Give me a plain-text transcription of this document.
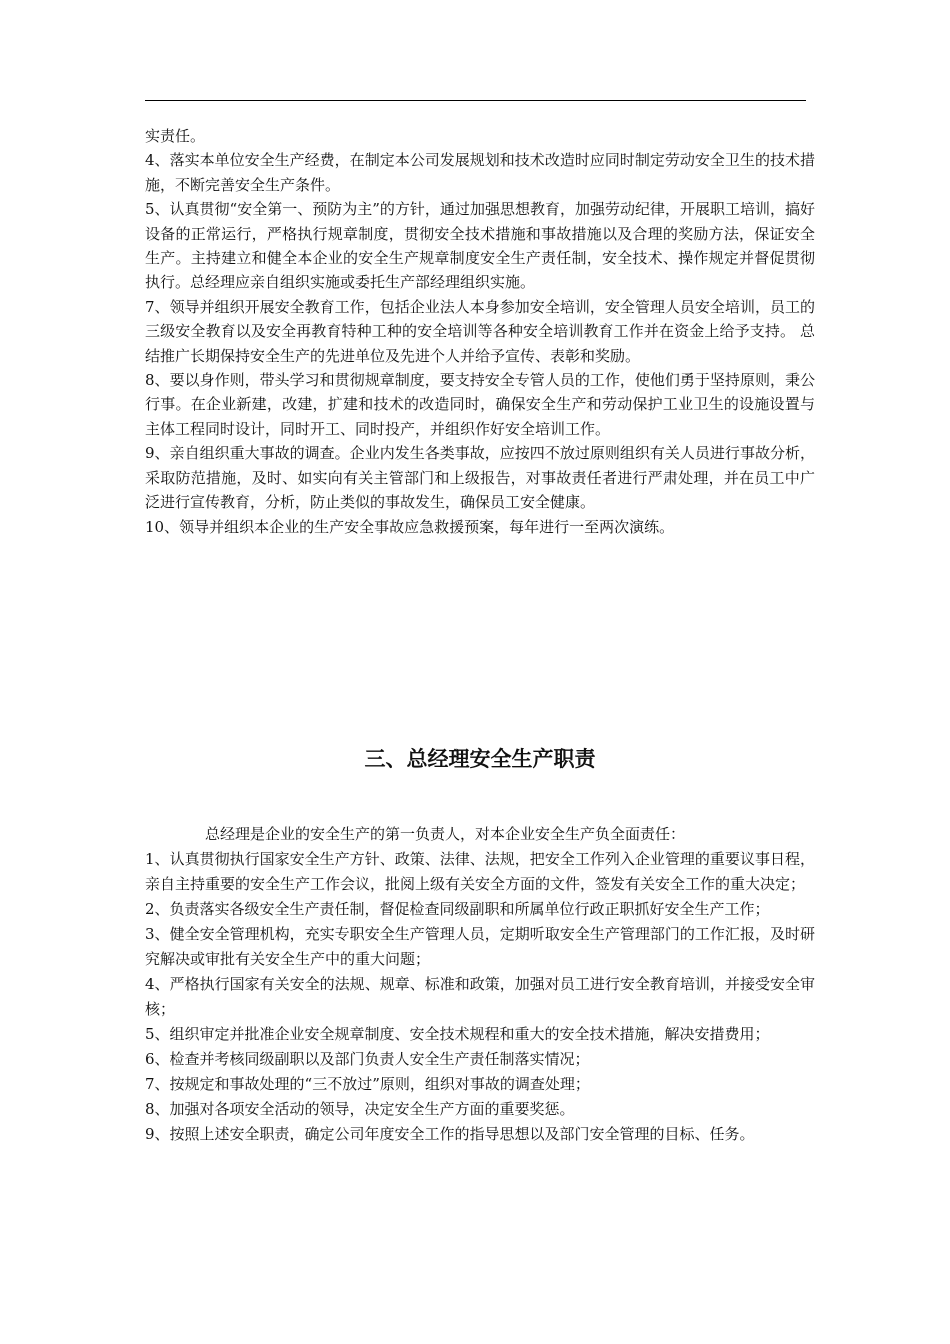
实责任。

4、落实本单位安全生产经费，在制定本公司发展规划和技术改造时应同时制定劳动安全卫生的技术措施，不断完善安全生产条件。

5、认真贯彻“安全第一、预防为主”的方针，通过加强思想教育，加强劳动纪律，开展职工培训，搞好设备的正常运行，严格执行规章制度，贯彻安全技术措施和事故措施以及合理的奖励方法，保证安全生产。主持建立和健全本企业的安全生产规章制度安全生产责任制，安全技术、操作规定并督促贯彻执行。总经理应亲自组织实施或委托生产部经理组织实施。

7、领导并组织开展安全教育工作，包括企业法人本身参加安全培训，安全管理人员安全培训，员工的三级安全教育以及安全再教育特种工种的安全培训等各种安全培训教育工作并在资金上给予支持。 总结推广长期保持安全生产的先进单位及先进个人并给予宣传、表彰和奖励。

8、要以身作则，带头学习和贯彻规章制度，要支持安全专管人员的工作，使他们勇于坚持原则，秉公行事。在企业新建，改建，扩建和技术的改造同时，确保安全生产和劳动保护工业卫生的设施设置与主体工程同时设计，同时开工、同时投产，并组织作好安全培训工作。

9、亲自组织重大事故的调查。企业内发生各类事故，应按四不放过原则组织有关人员进行事故分析，采取防范措施，及时、如实向有关主管部门和上级报告，对事故责任者进行严肃处理，并在员工中广泛进行宣传教育，分析，防止类似的事故发生，确保员工安全健康。

10、领导并组织本企业的生产安全事故应急救援预案，每年进行一至两次演练。

三、总经理安全生产职责

总经理是企业的安全生产的第一负责人，对本企业安全生产负全面责任：

1、认真贯彻执行国家安全生产方针、政策、法律、法规，把安全工作列入企业管理的重要议事日程，亲自主持重要的安全生产工作会议，批阅上级有关安全方面的文件，签发有关安全工作的重大决定；

2、负责落实各级安全生产责任制，督促检查同级副职和所属单位行政正职抓好安全生产工作；

3、健全安全管理机构，充实专职安全生产管理人员，定期听取安全生产管理部门的工作汇报，及时研究解决或审批有关安全生产中的重大问题；

4、严格执行国家有关安全的法规、规章、标准和政策，加强对员工进行安全教育培训，并接受安全审核；

5、组织审定并批准企业安全规章制度、安全技术规程和重大的安全技术措施，解决安措费用；

6、检查并考核同级副职以及部门负责人安全生产责任制落实情况；

7、按规定和事故处理的“三不放过”原则，组织对事故的调查处理；

8、加强对各项安全活动的领导，决定安全生产方面的重要奖惩。

9、按照上述安全职责，确定公司年度安全工作的指导思想以及部门安全管理的目标、任务。
